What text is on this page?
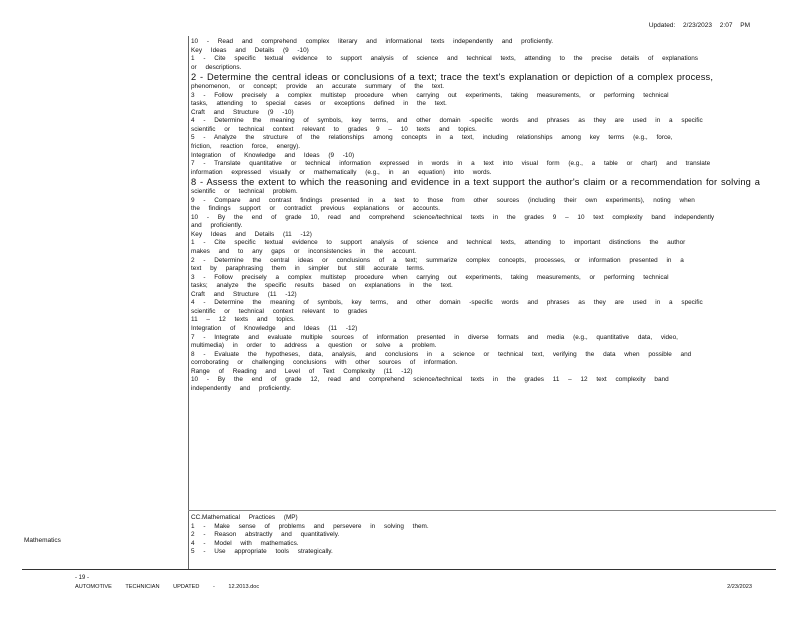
Updated: 2/23/2023 2:07 PM
10 - Read and comprehend complex literary and informational texts independently and proficiently.
Key Ideas and Details (9 -10)
1 - Cite specific textual evidence to support analysis of science and technical texts, attending to the precise details of explanations
or descriptions.
2 - Determine the central ideas or conclusions of a text; trace the text's explanation or depiction of a complex process,
phenomenon, or concept; provide an accurate summary of the text.
3 - Follow precisely a complex multistep procedure when carrying out experiments, taking measurements, or performing technical
tasks, attending to special cases or exceptions defined in the text.
Craft and Structure (9 -10)
4 - Determine the meaning of symbols, key terms, and other domain -specific words and phrases as they are used in a specific
scientific or technical context relevant to grades 9 – 10 texts and topics.
5 - Analyze the structure of the relationships among concepts in a text, including relationships among key terms (e.g., force,
friction, reaction force, energy).
Integration of Knowledge and Ideas (9 -10)
7 - Translate quantitative or technical information expressed in words in a text into visual form (e.g., a table or chart) and translate
information expressed visually or mathematically (e.g., in an equation) into words.
8 - Assess the extent to which the reasoning and evidence in a text support the author's claim or a recommendation for solving a
scientific or technical problem.
9 - Compare and contrast findings presented in a text to those from other sources (including their own experiments), noting when
the findings support or contradict previous explanations or accounts.
10 - By the end of grade 10, read and comprehend science/technical texts in the grades 9 – 10 text complexity band independently
and proficiently.
Key Ideas and Details (11 -12)
1 - Cite specific textual evidence to support analysis of science and technical texts, attending to important distinctions the author
makes and to any gaps or inconsistencies in the account.
2 - Determine the central ideas or conclusions of a text; summarize complex concepts, processes, or information presented in a
text by paraphrasing them in simpler but still accurate terms.
3 - Follow precisely a complex multistep procedure when carrying out experiments, taking measurements, or performing technical
tasks; analyze the specific results based on explanations in the text.
Craft and Structure (11 -12)
4 - Determine the meaning of symbols, key terms, and other domain -specific words and phrases as they are used in a specific
scientific or technical context relevant to grades
11 – 12 texts and topics.
Integration of Knowledge and Ideas (11 -12)
7 - Integrate and evaluate multiple sources of information presented in diverse formats and media (e.g., quantitative data, video,
multimedia) in order to address a question or solve a problem.
8 - Evaluate the hypotheses, data, analysis, and conclusions in a science or technical text, verifying the data when possible and
corroborating or challenging conclusions with other sources of information.
Range of Reading and Level of Text Complexity (11 -12)
10 - By the end of grade 12, read and comprehend science/technical texts in the grades 11 – 12 text complexity band
independently and proficiently.
Mathematics
CC.Mathematical Practices (MP)
1 - Make sense of problems and persevere in solving them.
2 - Reason abstractly and quantitatively.
4 - Model with mathematics.
5 - Use appropriate tools strategically.
- 19 -
AUTOMOTIVE TECHNICIAN UPDATED - 12.2013.doc	2/23/2023
